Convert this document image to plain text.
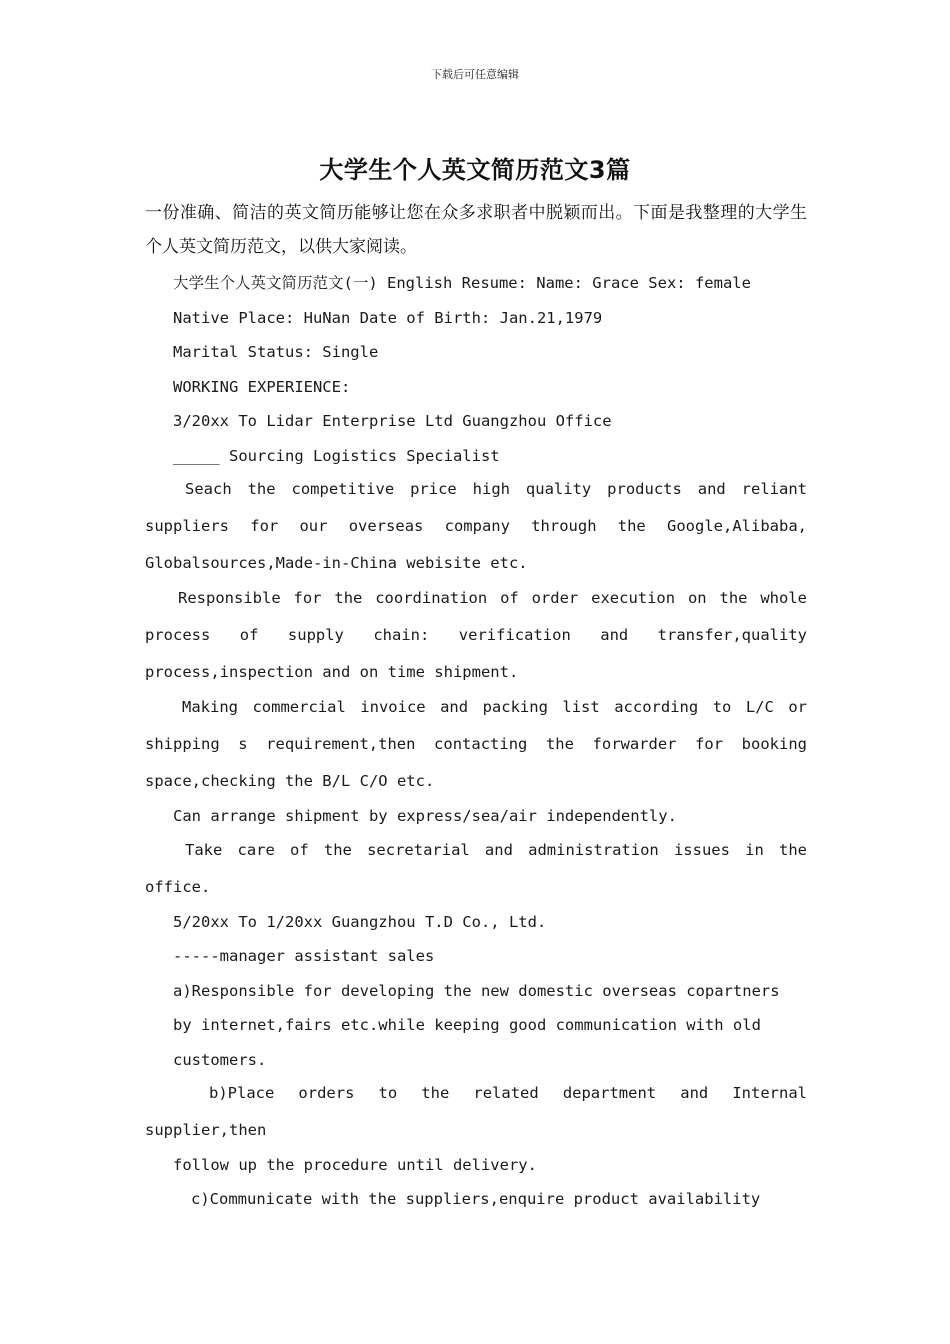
下载后可任意编辑
大学生个人英文简历范文3篇
一份准确、简洁的英文简历能够让您在众多求职者中脱颖而出。下面是我整理的大学生个人英文简历范文，以供大家阅读。
大学生个人英文简历范文(一) English Resume: Name: Grace Sex: female
Native Place: HuNan Date of Birth: Jan.21,1979
Marital Status: Single
WORKING EXPERIENCE:
3/20xx To Lidar Enterprise Ltd Guangzhou Office
_____ Sourcing Logistics Specialist
Seach the competitive price high quality products and reliant suppliers for our overseas company through the Google,Alibaba, Globalsources,Made-in-China webisite etc.
Responsible for the coordination of order execution on the whole process of supply chain: verification and transfer,quality process,inspection and on time shipment.
Making commercial invoice and packing list according to L/C or shipping s requirement,then contacting the forwarder for booking space,checking the B/L C/O etc.
Can arrange shipment by express/sea/air independently.
Take care of the secretarial and administration issues in the office.
5/20xx To 1/20xx Guangzhou T.D Co., Ltd.
-----manager assistant sales
a)Responsible for developing the new domestic overseas copartners
by internet,fairs etc.while keeping good communication with old
customers.
b)Place orders to the related department and Internal supplier,then
follow up the procedure until delivery.
c)Communicate with the suppliers,enquire product availability
